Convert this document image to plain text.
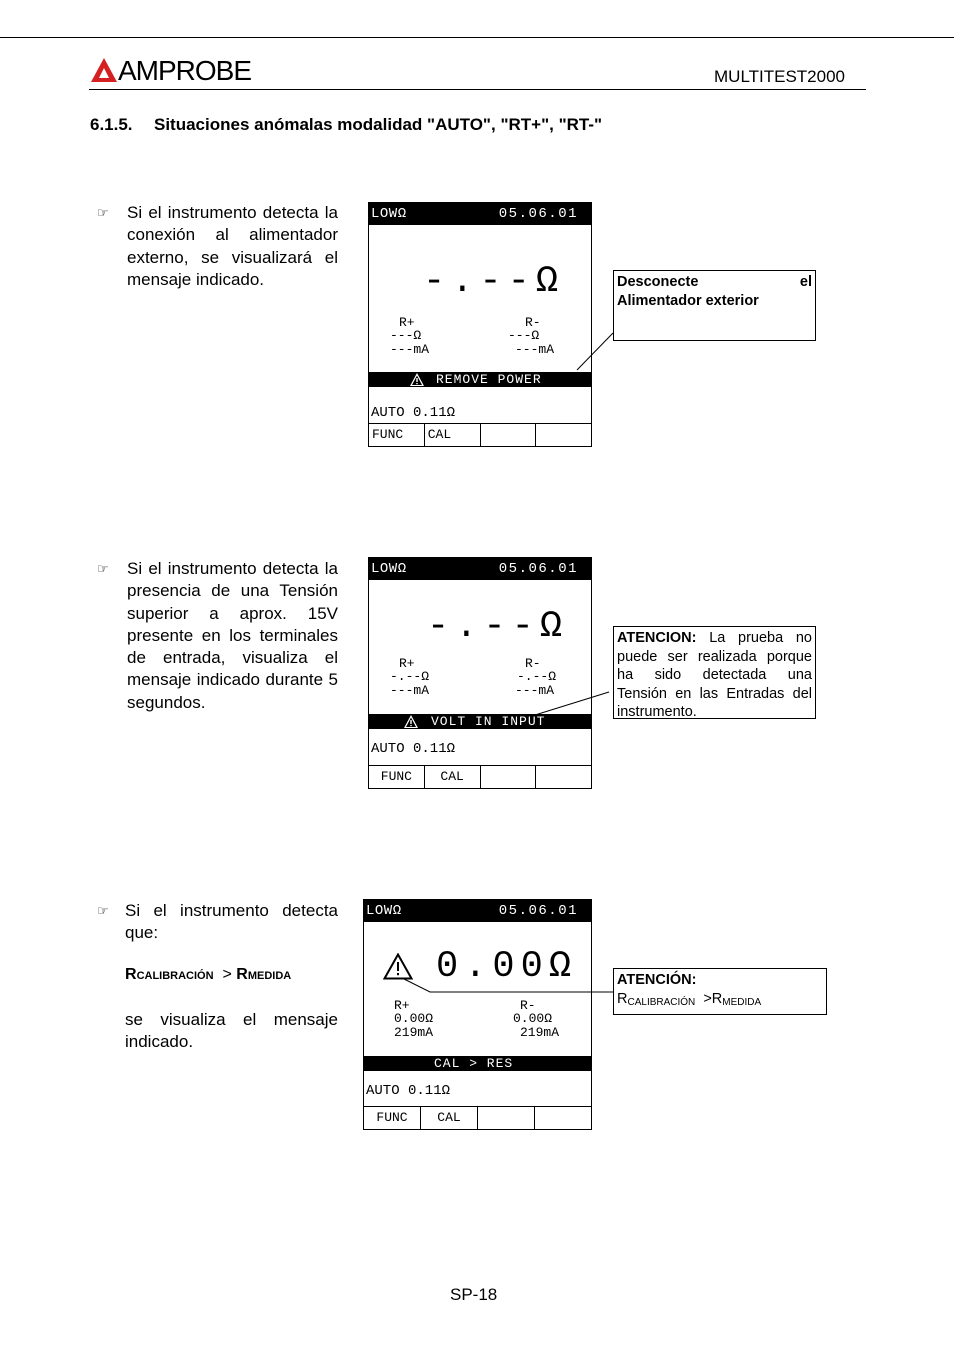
AMPROBE	MULTITEST2000
6.1.5. Situaciones anómalas modalidad "AUTO", "RT+", "RT-"
☞ Si el instrumento detecta la conexión al alimentador externo, se visualizará el mensaje indicado.
LOWΩ	05.06.01
-.--Ω
R+
---Ω
---mA
R-
---Ω
---mA
REMOVE POWER
AUTO 0.11Ω
FUNC	CAL
Desconecte	el
Alimentador exterior
☞ Si el instrumento detecta la presencia de una Tensión superior a aprox. 15V presente en los terminales de entrada, visualiza el mensaje indicado durante 5 segundos.
LOWΩ	05.06.01
-.--Ω
R+
-.--Ω
---mA
R-
-.--Ω
---mA
VOLT IN INPUT
AUTO 0.11Ω
FUNC	CAL
ATENCION: La prueba no puede ser realizada porque ha sido detectada una Tensión en las Entradas del instrumento.
☞ Si el instrumento detecta que:
RCALIBRACIÓN > RMEDIDA
se visualiza el mensaje indicado.
LOWΩ	05.06.01
0.00Ω
R+
0.00Ω
219mA
R-
0.00Ω
219mA
CAL > RES
AUTO 0.11Ω
FUNC	CAL
ATENCIÓN:
$R_{CALIBRACIÓN} >R_{MEDIDA}$
SP-18
